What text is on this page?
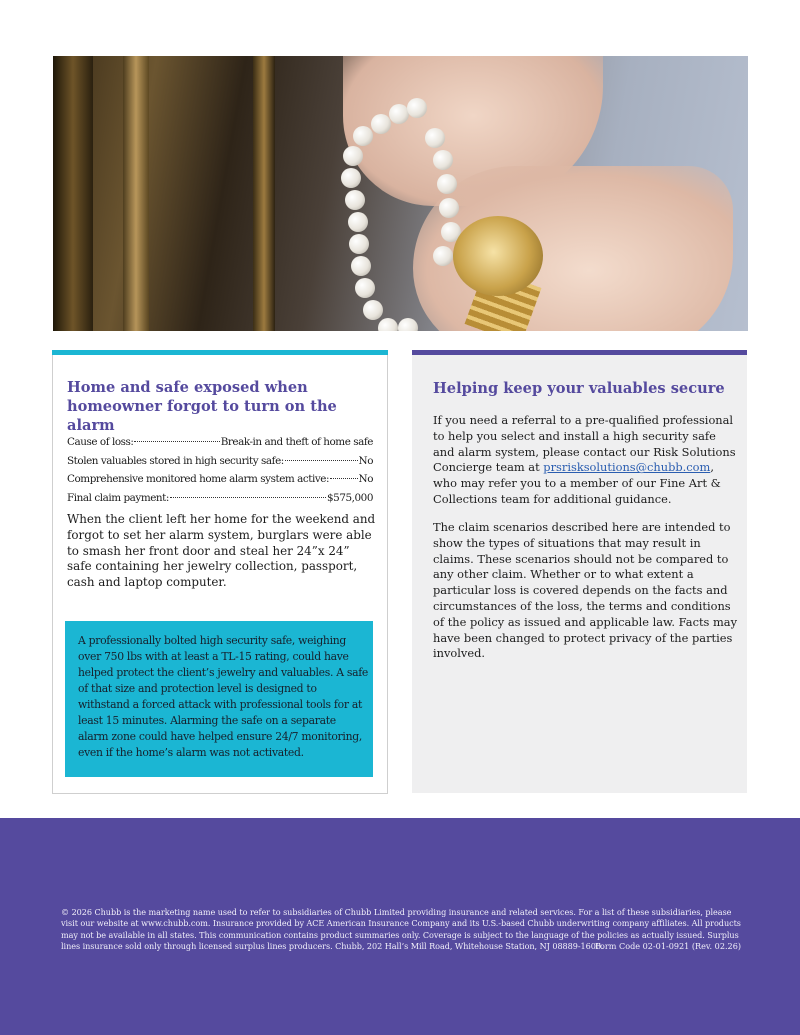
Home and safe exposed when homeowner forgot to turn on the alarm
Cause of loss:	Break-in and theft of home safe
Stolen valuables stored in high security safe:	No
Comprehensive monitored home alarm system active:	No
Final claim payment:	$575,000

When the client left her home for the weekend and forgot to set her alarm system, burglars were able to smash her front door and steal her 24”x 24” safe containing her jewelry collection, passport, cash and laptop computer.

A professionally bolted high security safe, weighing over 750 lbs with at least a TL-15 rating, could have helped protect the client’s jewelry and valuables. A safe of that size and protection level is designed to withstand a forced attack with professional tools for at least 15 minutes. Alarming the safe on a separate alarm zone could have helped ensure 24/7 monitoring, even if the home’s alarm was not activated.

Helping keep your valuables secure

If you need a referral to a pre-qualified professional to help you select and install a high security safe and alarm system, please contact our Risk Solutions Concierge team at prsrisksolutions@chubb.com, who may refer you to a member of our Fine Art & Collections team for additional guidance.

The claim scenarios described here are intended to show the types of situations that may result in claims. These scenarios should not be compared to any other claim. Whether or to what extent a particular loss is covered depends on the facts and circumstances of the loss, the terms and conditions of the policy as issued and applicable law. Facts may have been changed to protect privacy of the parties involved.

© 2026 Chubb is the marketing name used to refer to subsidiaries of Chubb Limited providing insurance and related services. For a list of these subsidiaries, please visit our website at www.chubb.com. Insurance provided by ACE American Insurance Company and its U.S.-based Chubb underwriting company affiliates. All products may not be available in all states. This communication contains product summaries only. Coverage is subject to the language of the policies as actually issued. Surplus lines insurance sold only through licensed surplus lines producers. Chubb, 202 Hall’s Mill Road, Whitehouse Station, NJ 08889-1600.

Form Code 02-01-0921 (Rev. 02.26)
